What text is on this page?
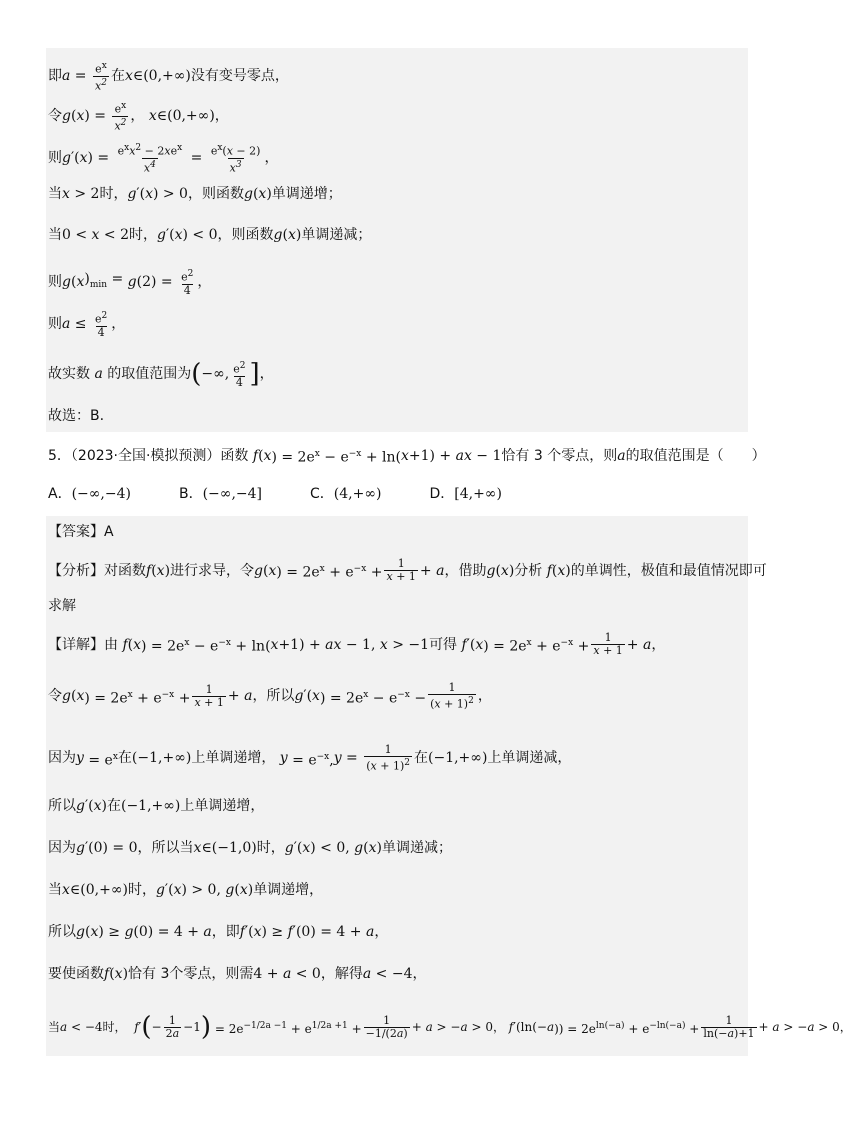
即 $a = \frac{e^x}{x^2}$ 在 x ∈(0,+∞) 没有变号零点，
令 g ( x ) = $\frac{e^x}{x^2}$ ， x ∈(0,+∞)，
则 g ′( x ) = $\frac{e^xx^2 - 2xe^x}{x^4} = \frac{e^x(x - 2)}{x^3}$ ，
当 x > 2 时， g ′( x ) > 0 ，则函数 g ( x ) 单调递增；
当 0 < x < 2 时， g ′( x ) < 0 ，则函数 g ( x ) 单调递减；
则 g ( x )$_{min} = g$ $(2) = \frac{e^2}{4}$ ，
则 $a \le \frac{e^2}{4}$ ，
故实数 a 的取值范围为 ( −∞, $\frac{e^2}{4}$ ] ，
故选：B.
5．（2023·全国·模拟预测）函数 f ( x ) = $2e^x - e^{-x} + \ln$( x +1) + ax − 1 恰有 3 个零点，则 a 的取值范围是（　　）
A．(−∞,−4)	B．(−∞,−4]	C．(4,+∞)	D．[4,+∞)
【答案】A
【分析】对函数 f ( x ) 进行求导，令 g ( x ) = $2e^x + e^{-x} + \frac{1}{x + 1} + a$ ，借助 g ( x ) 分析 f ( x ) 的单调性，极值和最值情况即可
求解
【详解】由 f ( x ) = $2e^x - e^{-x} + \ln$( x +1) + ax − 1, x > −1 可得 f ′( x ) = $2e^x + e^{-x} + \frac{1}{x + 1} + a$ ，
令 g ( x ) = $2e^x + e^{-x} + \frac{1}{x + 1} + a$ ，所以 g ′( x ) = $2e^x - e^{-x} - \frac{1}{(x + 1)^2}$ ，
因为 $y = e^x$ 在 (−1,+∞) 上单调递增， $y = e^{-x}$, $y = \frac{1}{(x + 1)^2}$ 在 (−1,+∞) 上单调递减，
所以 g ′( x ) 在 (−1,+∞) 上单调递增，
因为 g ′(0) = 0 ，所以当 x ∈(−1,0) 时， g ′( x ) < 0, g ( x ) 单调递减；
当 x ∈(0,+∞) 时， g ′( x ) > 0, g ( x ) 单调递增，
所以 g ( x ) ≥ g (0) = 4 + a ，即 f ′( x ) ≥ f ′(0) = 4 + a ，
要使函数 f ( x ) 恰有 3个零点，则需 4 + a < 0 ，解得 a < −4，
当 a < −4 时， f ′ ( − $\frac{1}{2a} -1$ ) = $2e^{-1/2a -1} + e^{1/2a +1} + \frac{1}{-1/(2a)} + a$ > − a > 0， f ′(ln(− a )) = $2e^{ln(-a)} + e^{-ln(-a)} + \frac{1}{\ln(-a)+1} + a$ > − a > 0，
